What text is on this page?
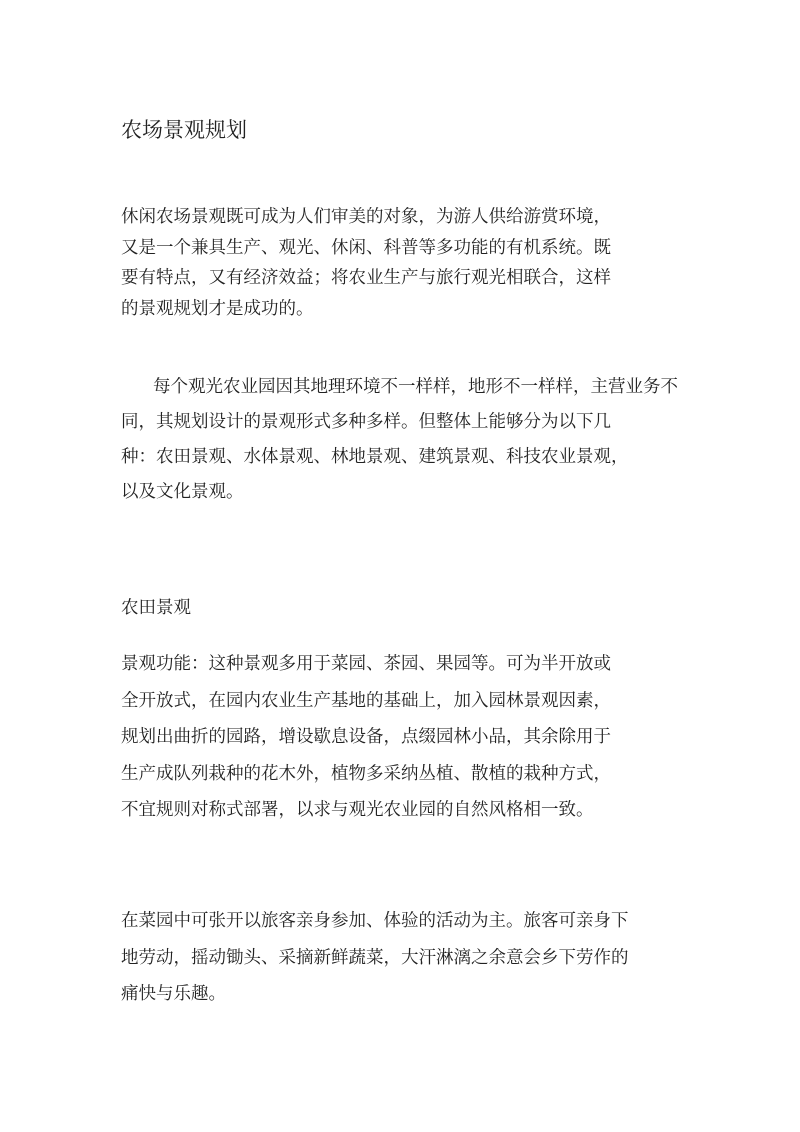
农场景观规划
休闲农场景观既可成为人们审美的对象，为游人供给游赏环境，
又是一个兼具生产、观光、休闲、科普等多功能的有机系统。既
要有特点，又有经济效益；将农业生产与旅行观光相联合，这样
的景观规划才是成功的。
每个观光农业园因其地理环境不一样样，地形不一样样，主营业务不
同，其规划设计的景观形式多种多样。但整体上能够分为以下几
种：农田景观、水体景观、林地景观、建筑景观、科技农业景观，
以及文化景观。
农田景观
景观功能：这种景观多用于菜园、茶园、果园等。可为半开放或
全开放式，在园内农业生产基地的基础上，加入园林景观因素，
规划出曲折的园路，增设歇息设备，点缀园林小品，其余除用于
生产成队列栽种的花木外，植物多采纳丛植、散植的栽种方式，
不宜规则对称式部署，以求与观光农业园的自然风格相一致。
在菜园中可张开以旅客亲身参加、体验的活动为主。旅客可亲身下
地劳动，摇动锄头、采摘新鲜蔬菜，大汗淋漓之余意会乡下劳作的
痛快与乐趣。
